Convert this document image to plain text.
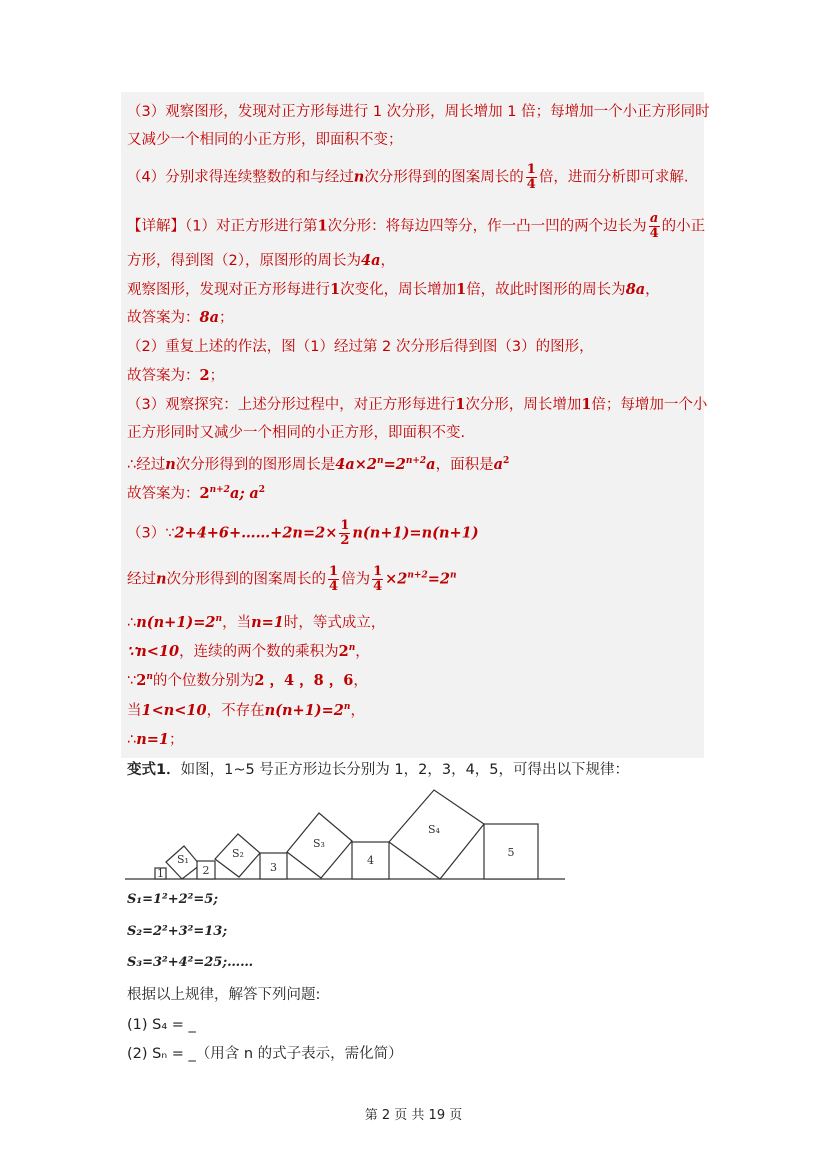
（3）观察图形，发现对正方形每进行 1 次分形，周长增加 1 倍；每增加一个小正方形同时
又减少一个相同的小正方形，即面积不变；
（4）分别求得连续整数的和与经过n次分形得到的图案周长的 $\frac{1}{4}$ 倍，进而分析即可求解.
【详解】（1）对正方形进行第1次分形：将每边四等分，作一凸一凹的两个边长为 $\frac{a}{4}$ 的小正
方形，得到图（2），原图形的周长为4a，
观察图形，发现对正方形每进行1次变化，周长增加1倍，故此时图形的周长为8a，
故答案为：8a；
（2）重复上述的作法，图（1）经过第 2 次分形后得到图（3）的图形，
故答案为：2；
（3）观察探究：上述分形过程中，对正方形每进行1次分形，周长增加1倍；每增加一个小
正方形同时又减少一个相同的小正方形，即面积不变.
∴经过n次分形得到的图形周长是$4a\times 2^n=2^{n+2}a$，面积是$a^2$
故答案为：$2^{n+2}a$; $a^2$
（3）∵2+4+6+……+2n=2× $\frac{1}{2} n(n+1)=n(n+1)$
经过n次分形得到的图案周长的 $\frac{1}{4}$ 倍为 $\frac{1}{4} \times 2^{n+2}=2^n$
$\therefore n(n+1)=2^n$，当n=1时，等式成立，
∵n<10，连续的两个数的乘积为2$^n$，
∵2$^n$的个位数分别为2 ，4 ，8 ，6，
当1<n<10，不存在$n(n+1)=2^n$，
∴n=1；
变式1．如图，1~5 号正方形边长分别为 1，2，3，4，5，可得出以下规律：
1
S₁
2
S₂
3
S₃
4
S₄
5
S₁=1²+2²=5;
S₂=2²+3²=13;
S₃=3²+4²=25;……
根据以上规律，解答下列问题:
(1) S₄ = _
(2) Sₙ = _（用含 n 的式子表示，需化简）
第 2 页 共 19 页
